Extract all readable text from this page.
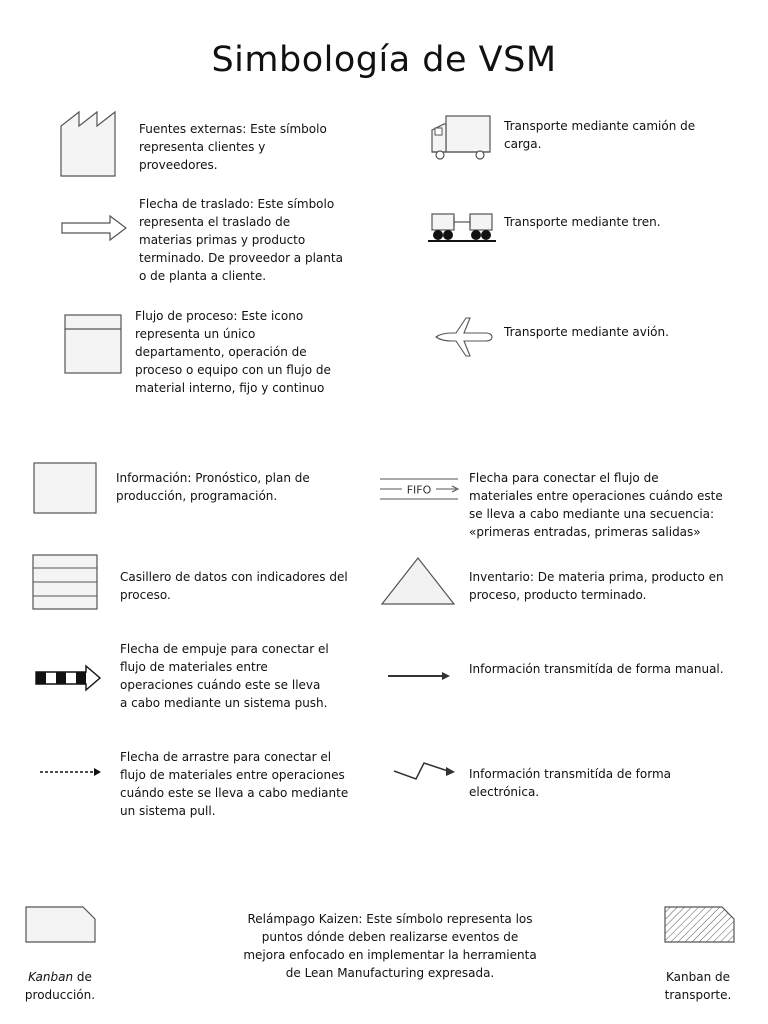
Simbología de VSM
Fuentes externas: Este símbolo representa clientes y proveedores.
Flecha de traslado: Este símbolo representa el traslado de materias primas y producto terminado. De proveedor a planta o de planta a cliente.
Flujo de proceso: Este icono representa un único departamento, operación de proceso o equipo con un flujo de material interno, fijo y continuo
Transporte mediante camión de carga.
Transporte mediante tren.
Transporte mediante avión.
Información: Pronóstico, plan de producción, programación.
Casillero de datos con indicadores del proceso.
Flecha de empuje para conectar el flujo de materiales entre operaciones cuándo este se lleva a cabo mediante un sistema push.
Flecha de arrastre para conectar el flujo de materiales entre operaciones cuándo este se lleva a cabo mediante un sistema pull.
FIFO
Flecha para conectar el flujo de materiales entre operaciones cuándo este se lleva a cabo mediante una secuencia: «primeras entradas, primeras salidas»
Inventario: De materia prima, producto en proceso, producto terminado.
Información transmitída de forma manual.
Información transmitída de forma electrónica.
Kanban de producción.
Relámpago Kaizen: Este símbolo representa los puntos dónde deben realizarse eventos de mejora enfocado en implementar la herramienta de Lean Manufacturing expresada.	Kanban de transporte.
